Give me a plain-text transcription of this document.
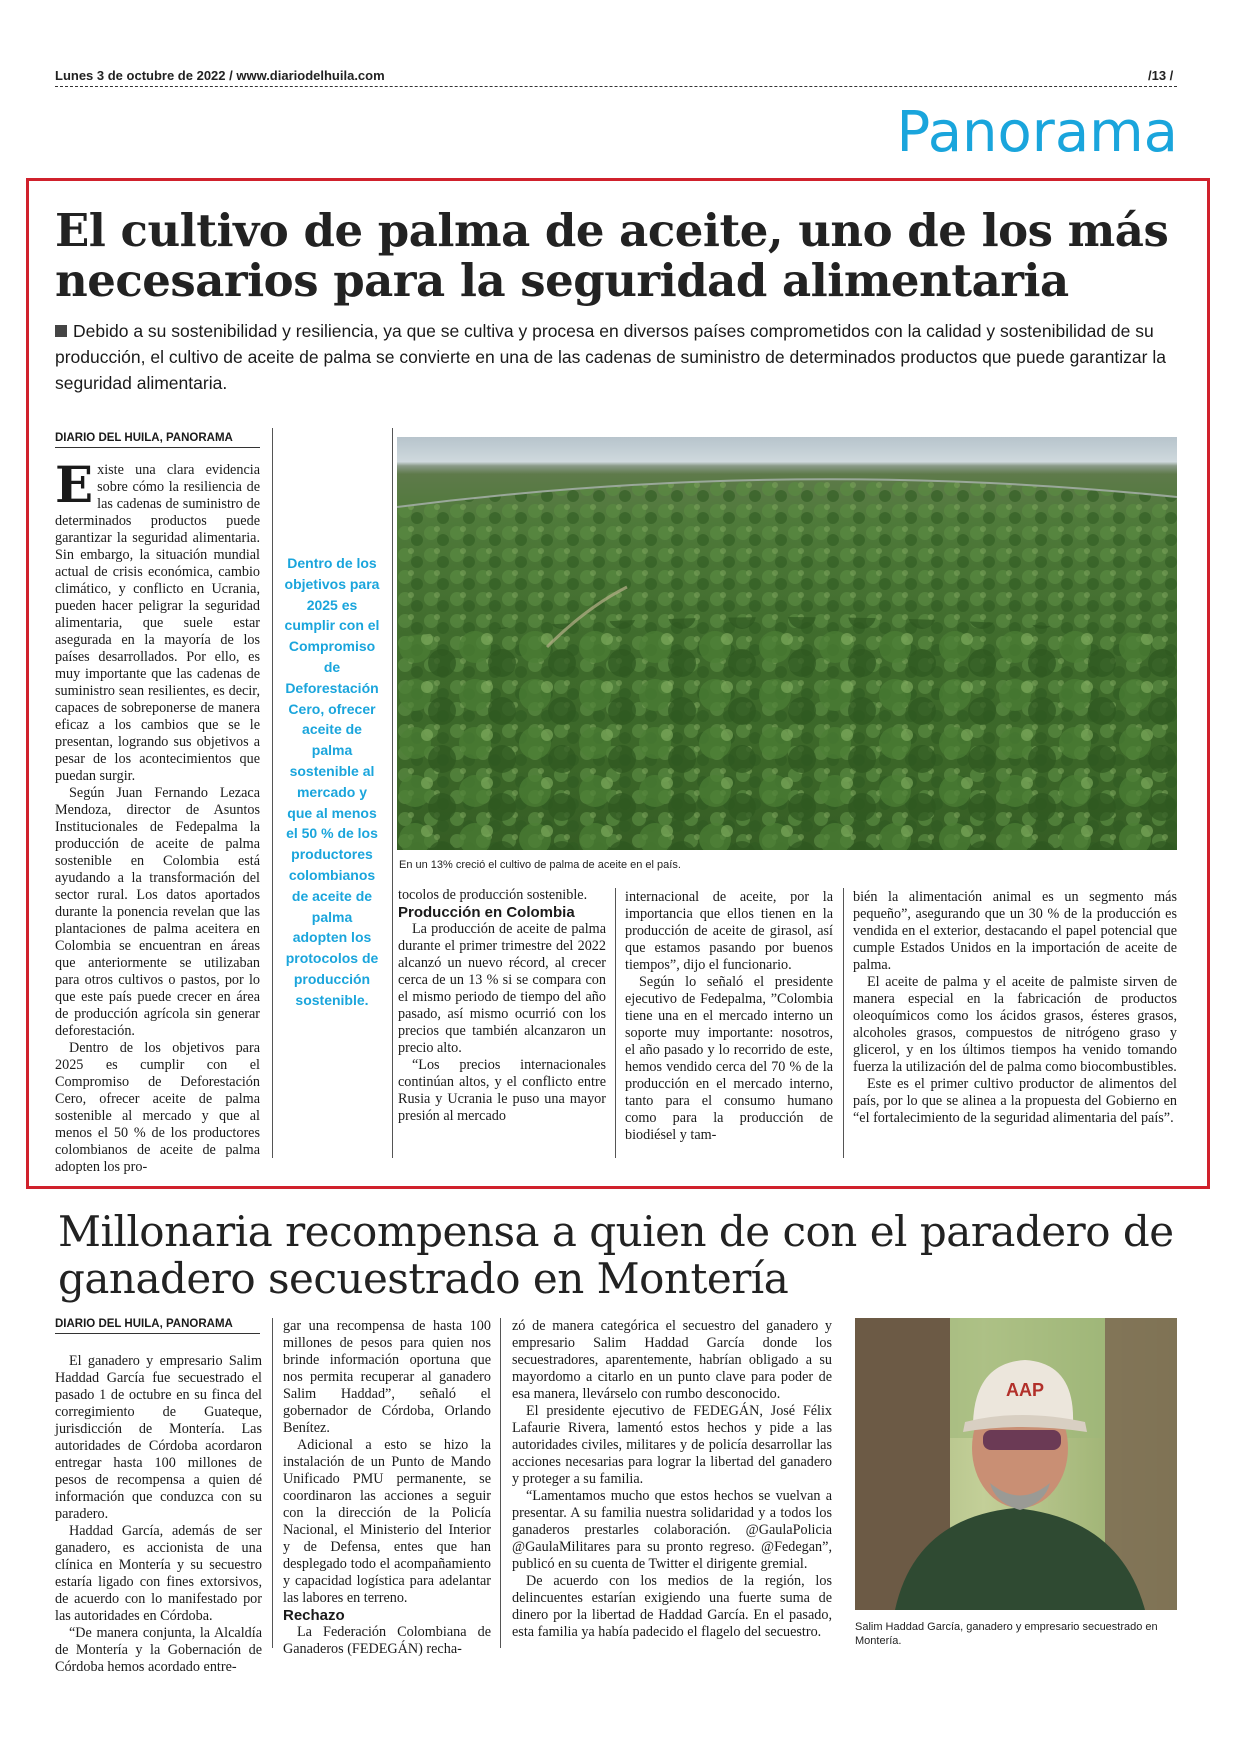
Lunes 3 de octubre de 2022 / www.diariodelhuila.com	/13 /
Panorama
El cultivo de palma de aceite, uno de los más necesarios para la seguridad alimentaria
Debido a su sostenibilidad y resiliencia, ya que se cultiva y procesa en diversos países comprometidos con la calidad y sostenibilidad de su producción, el cultivo de aceite de palma se convierte en una de las cadenas de suministro de determinados productos que puede garantizar la seguridad alimentaria.
DIARIO DEL HUILA, PANORAMA

Existe una clara evidencia sobre cómo la resiliencia de las cadenas de suministro de determinados productos puede garantizar la seguridad alimentaria. Sin embargo, la situación mundial actual de crisis económica, cambio climático, y conflicto en Ucrania, pueden hacer peligrar la seguridad alimentaria, que suele estar asegurada en la mayoría de los países desarrollados. Por ello, es muy importante que las cadenas de suministro sean resilientes, es decir, capaces de sobreponerse de manera eficaz a los cambios que se le presentan, logrando sus objetivos a pesar de los acontecimientos que puedan surgir.

Según Juan Fernando Lezaca Mendoza, director de Asuntos Institucionales de Fedepalma la producción de aceite de palma sostenible en Colombia está ayudando a la transformación del sector rural. Los datos aportados durante la ponencia revelan que las plantaciones de palma aceitera en Colombia se encuentran en áreas que anteriormente se utilizaban para otros cultivos o pastos, por lo que este país puede crecer en área de producción agrícola sin generar deforestación.

Dentro de los objetivos para 2025 es cumplir con el Compromiso de Deforestación Cero, ofrecer aceite de palma sostenible al mercado y que al menos el 50 % de los productores colombianos de aceite de palma adopten los pro-

Dentro de los objetivos para 2025 es cumplir con el Compromiso de Deforestación Cero, ofrecer aceite de palma sostenible al mercado y que al menos el 50 % de los productores colombianos de aceite de palma adopten los protocolos de producción sostenible.
En un 13% creció el cultivo de palma de aceite en el país.

tocolos de producción sostenible.

Producción en Colombia

La producción de aceite de palma durante el primer trimestre del 2022 alcanzó un nuevo récord, al crecer cerca de un 13 % si se compara con el mismo periodo de tiempo del año pasado, así mismo ocurrió con los precios que también alcanzaron un precio alto.

“Los precios internacionales continúan altos, y el conflicto entre Rusia y Ucrania le puso una mayor presión al mercado

internacional de aceite, por la importancia que ellos tienen en la producción de aceite de girasol, así que estamos pasando por buenos tiempos”, dijo el funcionario.

Según lo señaló el presidente ejecutivo de Fedepalma, ”Colombia tiene una en el mercado interno un soporte muy importante: nosotros, el año pasado y lo recorrido de este, hemos vendido cerca del 70 % de la producción en el mercado interno, tanto para el consumo humano como para la producción de biodiésel y tam-

bién la alimentación animal es un segmento más pequeño”, asegurando que un 30 % de la producción es vendida en el exterior, destacando el papel potencial que cumple Estados Unidos en la importación de aceite de palma.

El aceite de palma y el aceite de palmiste sirven de manera especial en la fabricación de productos oleoquímicos como los ácidos grasos, ésteres grasos, alcoholes grasos, compuestos de nitrógeno graso y glicerol, y en los últimos tiempos ha venido tomando fuerza la utilización del de palma como biocombustibles.

Este es el primer cultivo productor de alimentos del país, por lo que se alinea a la propuesta del Gobierno en “el fortalecimiento de la seguridad alimentaria del país”.

Millonaria recompensa a quien de con el paradero de ganadero secuestrado en Montería
DIARIO DEL HUILA, PANORAMA

El ganadero y empresario Salim Haddad García fue secuestrado el pasado 1 de octubre en su finca del corregimiento de Guateque, jurisdicción de Montería. Las autoridades de Córdoba acordaron entregar hasta 100 millones de pesos de recompensa a quien dé información que conduzca con su paradero.

Haddad García, además de ser ganadero, es accionista de una clínica en Montería y su secuestro estaría ligado con fines extorsivos, de acuerdo con lo manifestado por las autoridades en Córdoba.

“De manera conjunta, la Alcaldía de Montería y la Gobernación de Córdoba hemos acordado entre-

gar una recompensa de hasta 100 millones de pesos para quien nos brinde información oportuna que nos permita recuperar al ganadero Salim Haddad”, señaló el gobernador de Córdoba, Orlando Benítez.

Adicional a esto se hizo la instalación de un Punto de Mando Unificado PMU permanente, se coordinaron las acciones a seguir con la dirección de la Policía Nacional, el Ministerio del Interior y de Defensa, entes que han desplegado todo el acompañamiento y capacidad logística para adelantar las labores en terreno.

Rechazo

La Federación Colombiana de Ganaderos (FEDEGÁN) recha-

zó de manera categórica el secuestro del ganadero y empresario Salim Haddad García donde los secuestradores, aparentemente, habrían obligado a su mayordomo a citarlo en un punto clave para poder de esa manera, llevárselo con rumbo desconocido.

El presidente ejecutivo de FEDEGÁN, José Félix Lafaurie Rivera, lamentó estos hechos y pide a las autoridades civiles, militares y de policía desarrollar las acciones necesarias para lograr la libertad del ganadero y proteger a su familia.

“Lamentamos mucho que estos hechos se vuelvan a presentar. A su familia nuestra solidaridad y a todos los ganaderos prestarles colaboración. @GaulaPolicia @GaulaMilitares para su pronto regreso. @Fedegan”, publicó en su cuenta de Twitter el dirigente gremial.

De acuerdo con los medios de la región, los delincuentes estarían exigiendo una fuerte suma de dinero por la libertad de Haddad García. En el pasado, esta familia ya había padecido el flagelo del secuestro.

AAP
Salim Haddad García, ganadero y empresario secuestrado en Montería.
